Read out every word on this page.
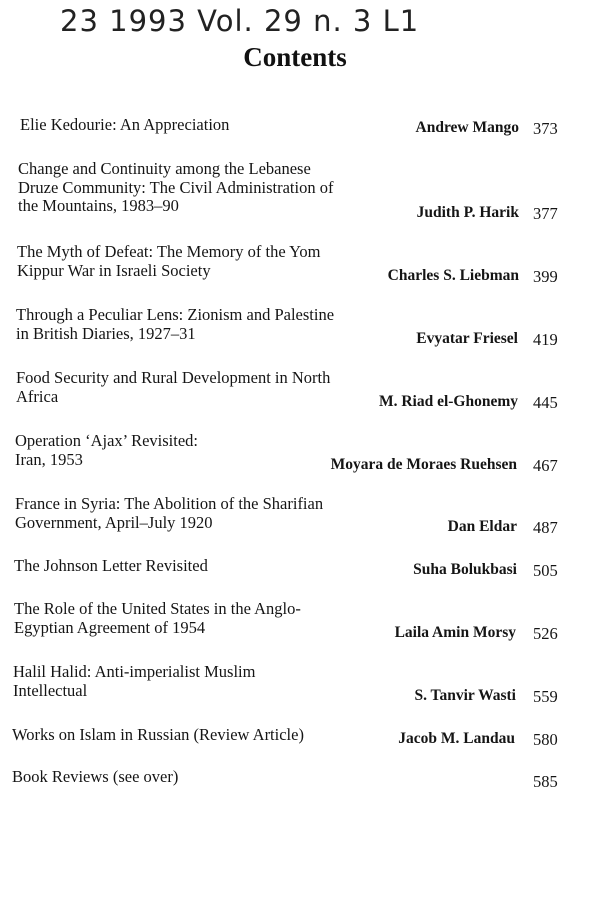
23 1993 Vol. 29 n. 3 L1
Contents
Elie Kedourie: An Appreciation	Andrew Mango 373
Change and Continuity among the Lebanese
Druze Community: The Civil Administration of
the Mountains, 1983–90	Judith P. Harik 377
The Myth of Defeat: The Memory of the Yom
Kippur War in Israeli Society	Charles S. Liebman 399
Through a Peculiar Lens: Zionism and Palestine
in British Diaries, 1927–31	Evyatar Friesel 419
Food Security and Rural Development in North
Africa	M. Riad el-Ghonemy 445
Operation ‘Ajax’ Revisited:
Iran, 1953	Moyara de Moraes Ruehsen 467
France in Syria: The Abolition of the Sharifian
Government, April–July 1920	Dan Eldar 487
The Johnson Letter Revisited	Suha Bolukbasi 505
The Role of the United States in the Anglo-
Egyptian Agreement of 1954	Laila Amin Morsy 526
Halil Halid: Anti-imperialist Muslim
Intellectual	S. Tanvir Wasti 559
Works on Islam in Russian (Review Article)	Jacob M. Landau 580
Book Reviews (see over)	585
